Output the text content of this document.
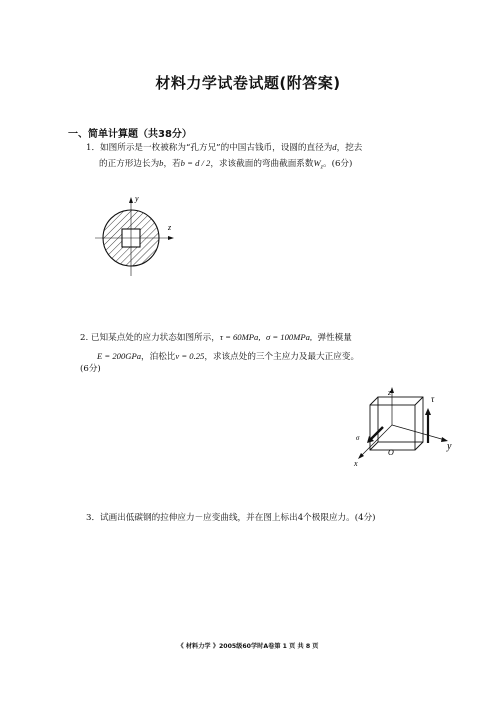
材料力学试卷试题(附答案)
一、简单计算题（共38分）
1．如图所示是一枚被称为“孔方兄”的中国古钱币，设圆的直径为d，挖去
的正方形边长为b，若b = d / 2，求该截面的弯曲截面系数$W_z$。(6分)
y
z
2. 已知某点处的应力状态如图所示，τ = 60MPa, σ = 100MPa, 弹性模量
E = 200GPa，泊松比ν = 0.25，求该点处的三个主应力及最大正应变。
(6分)
z
τ
σ
y
O
x
3．试画出低碳钢的拉伸应力－应变曲线，并在图上标出4个极限应力。(4分)
《 材料力学 》2005级60学时A卷第 1 页 共 8 页
